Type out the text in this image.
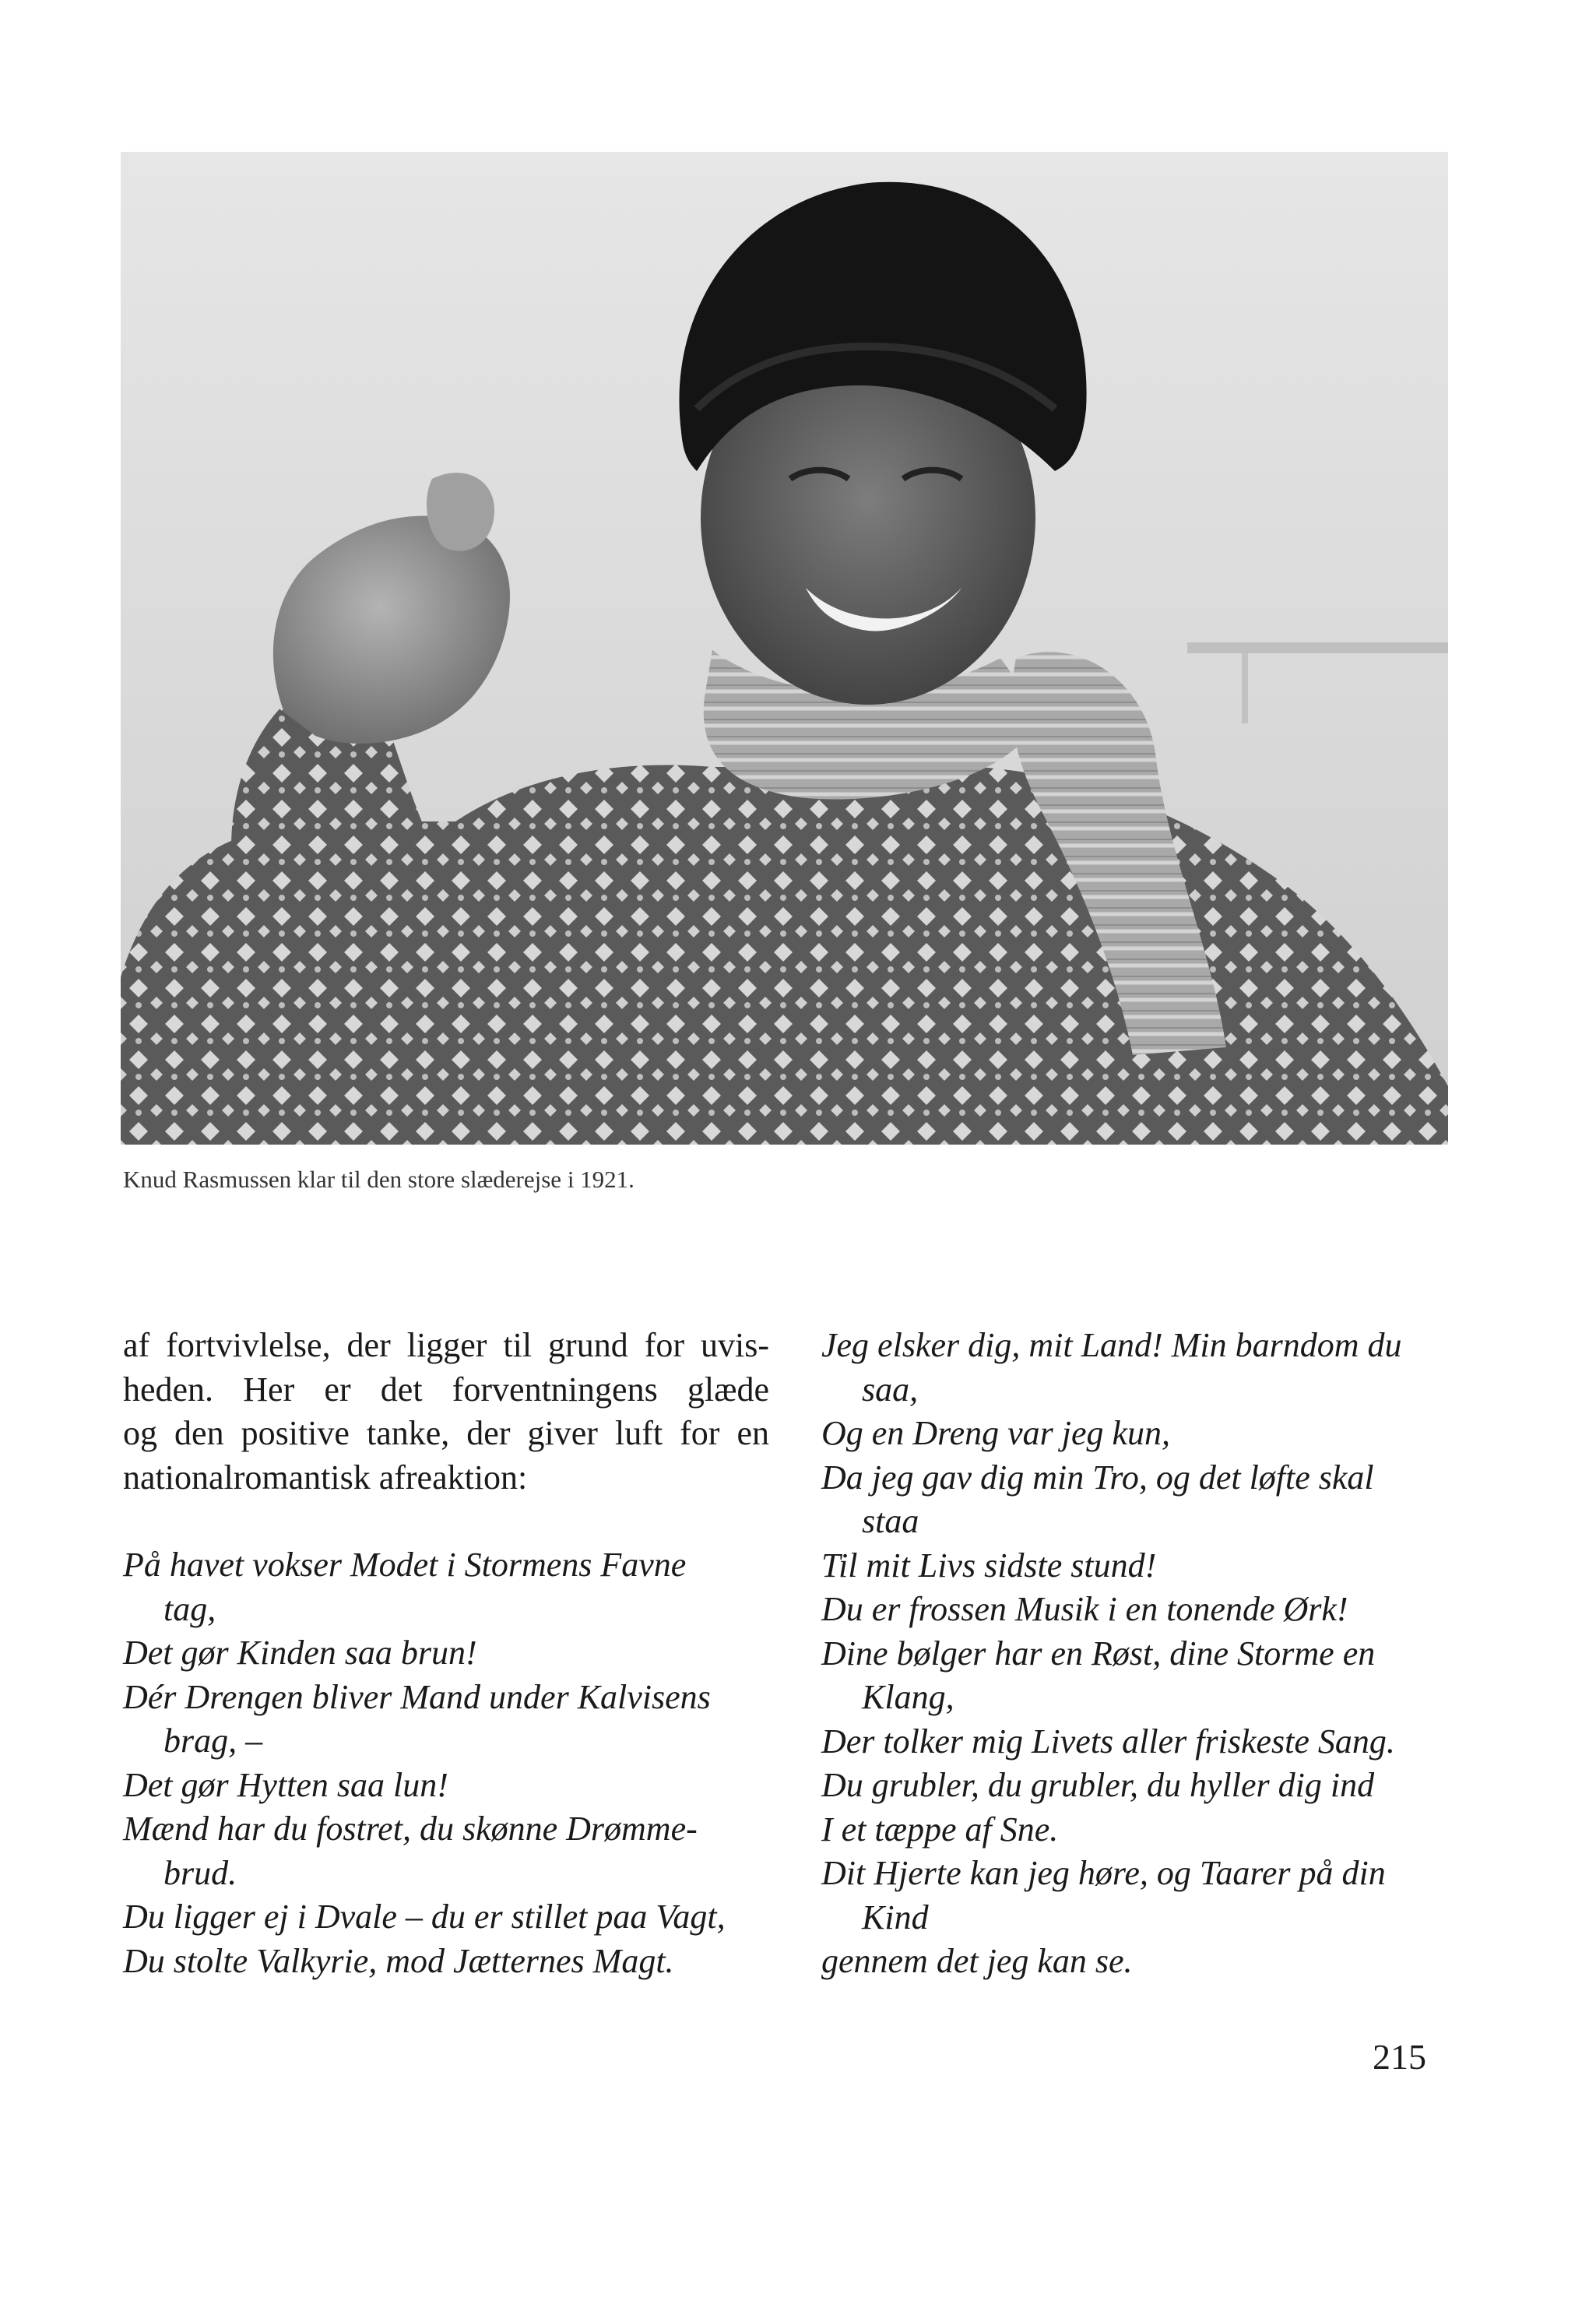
Knud Rasmussen klar til den store slæderejse i 1921.
af fortvivlelse, der ligger til grund for uvis-
heden. Her er det forventningens glæde
og den positive tanke, der giver luft for en
nationalromantisk afreaktion:
På havet vokser Modet i Stormens Favne
tag,
Det gør Kinden saa brun!
Dér Drengen bliver Mand under Kalvisens
brag, –
Det gør Hytten saa lun!
Mænd har du fostret, du skønne Drømme-
brud.
Du ligger ej i Dvale – du er stillet paa Vagt,
Du stolte Valkyrie, mod Jætternes Magt.
Jeg elsker dig, mit Land! Min barndom du
saa,
Og en Dreng var jeg kun,
Da jeg gav dig min Tro, og det løfte skal
staa
Til mit Livs sidste stund!
Du er frossen Musik i en tonende Ørk!
Dine bølger har en Røst, dine Storme en
Klang,
Der tolker mig Livets aller friskeste Sang.
Du grubler, du grubler, du hyller dig ind
I et tæppe af Sne.
Dit Hjerte kan jeg høre, og Taarer på din
Kind
gennem det jeg kan se.
215
